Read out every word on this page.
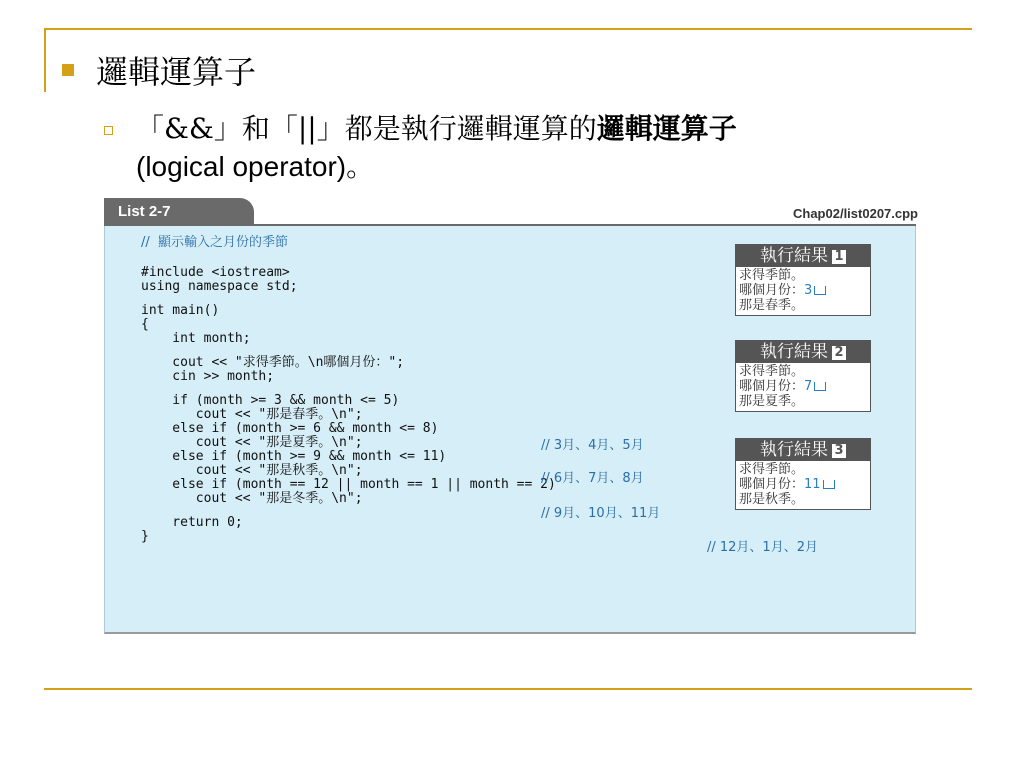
邏輯運算子
「&&」和「||」都是執行邏輯運算的邏輯運算子
(logical operator)。
List 2-7	Chap02/list0207.cpp
//  顯示輸入之月份的季節
#include <iostream>
using namespace std;
int main()
{
int month;
cout << "求得季節。\n哪個月份：";
cin >> month;
if (month >= 3 && month <= 5)
cout << "那是春季。\n";
else if (month >= 6 && month <= 8)
cout << "那是夏季。\n";
else if (month >= 9 && month <= 11)
cout << "那是秋季。\n";
else if (month == 12 || month == 1 || month == 2)
cout << "那是冬季。\n";
return 0;
}
// 3月、4月、5月
// 6月、7月、8月
// 9月、10月、11月
// 12月、1月、2月
執行結果 1
求得季節。
哪個月份：3
那是春季。
執行結果 2
求得季節。
哪個月份：7
那是夏季。
執行結果 3
求得季節。
哪個月份：11
那是秋季。
